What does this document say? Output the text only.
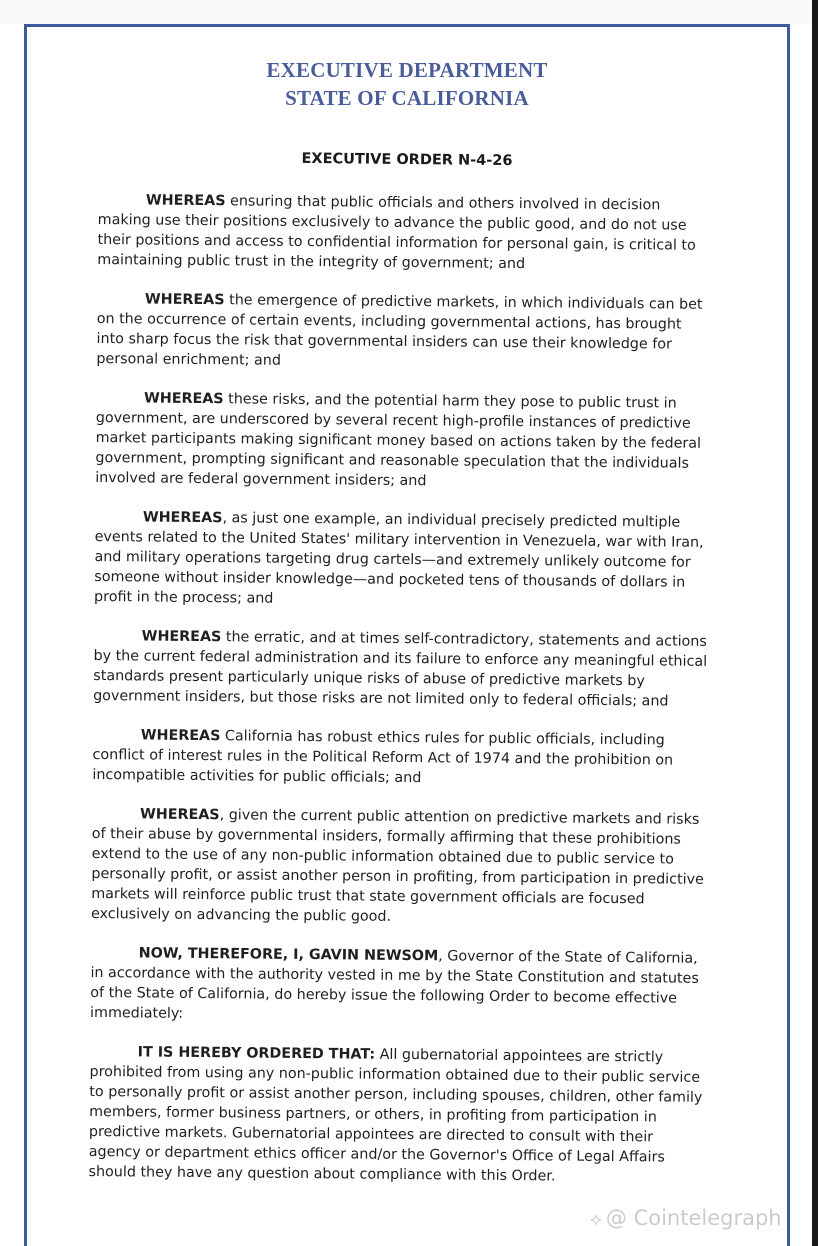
EXECUTIVE DEPARTMENT
STATE OF CALIFORNIA
EXECUTIVE ORDER N-4-26

WHEREAS ensuring that public officials and others involved in decision making use their positions exclusively to advance the public good, and do not use their positions and access to confidential information for personal gain, is critical to maintaining public trust in the integrity of government; and

WHEREAS the emergence of predictive markets, in which individuals can bet on the occurrence of certain events, including governmental actions, has brought into sharp focus the risk that governmental insiders can use their knowledge for personal enrichment; and

WHEREAS these risks, and the potential harm they pose to public trust in government, are underscored by several recent high-profile instances of predictive market participants making significant money based on actions taken by the federal government, prompting significant and reasonable speculation that the individuals involved are federal government insiders; and

WHEREAS, as just one example, an individual precisely predicted multiple events related to the United States' military intervention in Venezuela, war with Iran, and military operations targeting drug cartels—and extremely unlikely outcome for someone without insider knowledge—and pocketed tens of thousands of dollars in profit in the process; and

WHEREAS the erratic, and at times self-contradictory, statements and actions by the current federal administration and its failure to enforce any meaningful ethical standards present particularly unique risks of abuse of predictive markets by government insiders, but those risks are not limited only to federal officials; and

WHEREAS California has robust ethics rules for public officials, including conflict of interest rules in the Political Reform Act of 1974 and the prohibition on incompatible activities for public officials; and

WHEREAS, given the current public attention on predictive markets and risks of their abuse by governmental insiders, formally affirming that these prohibitions extend to the use of any non-public information obtained due to public service to personally profit, or assist another person in profiting, from participation in predictive markets will reinforce public trust that state government officials are focused exclusively on advancing the public good.

NOW, THEREFORE, I, GAVIN NEWSOM, Governor of the State of California, in accordance with the authority vested in me by the State Constitution and statutes of the State of California, do hereby issue the following Order to become effective immediately:

IT IS HEREBY ORDERED THAT: All gubernatorial appointees are strictly prohibited from using any non-public information obtained due to their public service to personally profit or assist another person, including spouses, children, other family members, former business partners, or others, in profiting from participation in predictive markets. Gubernatorial appointees are directed to consult with their agency or department ethics officer and/or the Governor's Office of Legal Affairs should they have any question about compliance with this Order.

⟡ @ Cointelegraph
